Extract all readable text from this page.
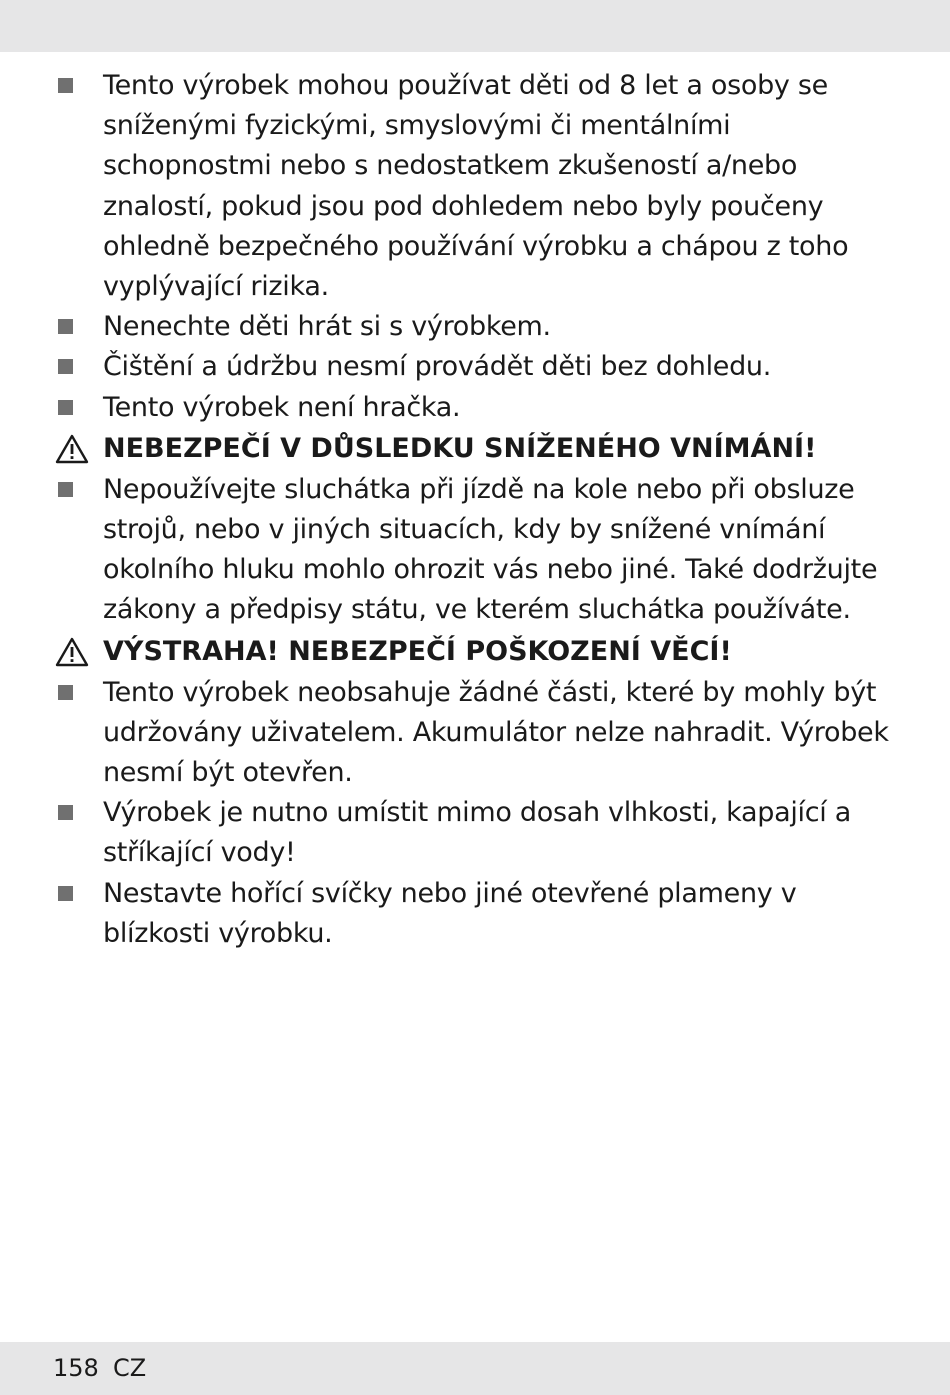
Tento výrobek mohou používat děti od 8 let a osoby se sníženými fyzickými, smyslovými či mentálními schopnostmi nebo s nedostatkem zkušeností a/nebo znalostí, pokud jsou pod dohledem nebo byly poučeny ohledně bezpečného používání výrobku a chápou z toho vyplývající rizika.
Nenechte děti hrát si s výrobkem.
Čištění a údržbu nesmí provádět děti bez dohledu.
Tento výrobek není hračka.
NEBEZPEČÍ V DŮSLEDKU SNÍŽENÉHO VNÍMÁNÍ!
Nepoužívejte sluchátka při jízdě na kole nebo při obsluze strojů, nebo v jiných situacích, kdy by snížené vnímání okolního hluku mohlo ohrozit vás nebo jiné. Také dodržujte zákony a předpisy státu, ve kterém sluchátka používáte.
VÝSTRAHA! NEBEZPEČÍ POŠKOZENÍ VĚCÍ!
Tento výrobek neobsahuje žádné části, které by mohly být udržovány uživatelem. Akumulátor nelze nahradit. Výrobek nesmí být otevřen.
Výrobek je nutno umístit mimo dosah vlhkosti, kapající a stříkající vody!
Nestavte hořící svíčky nebo jiné otevřené plameny v blízkosti výrobku.
158 CZ
